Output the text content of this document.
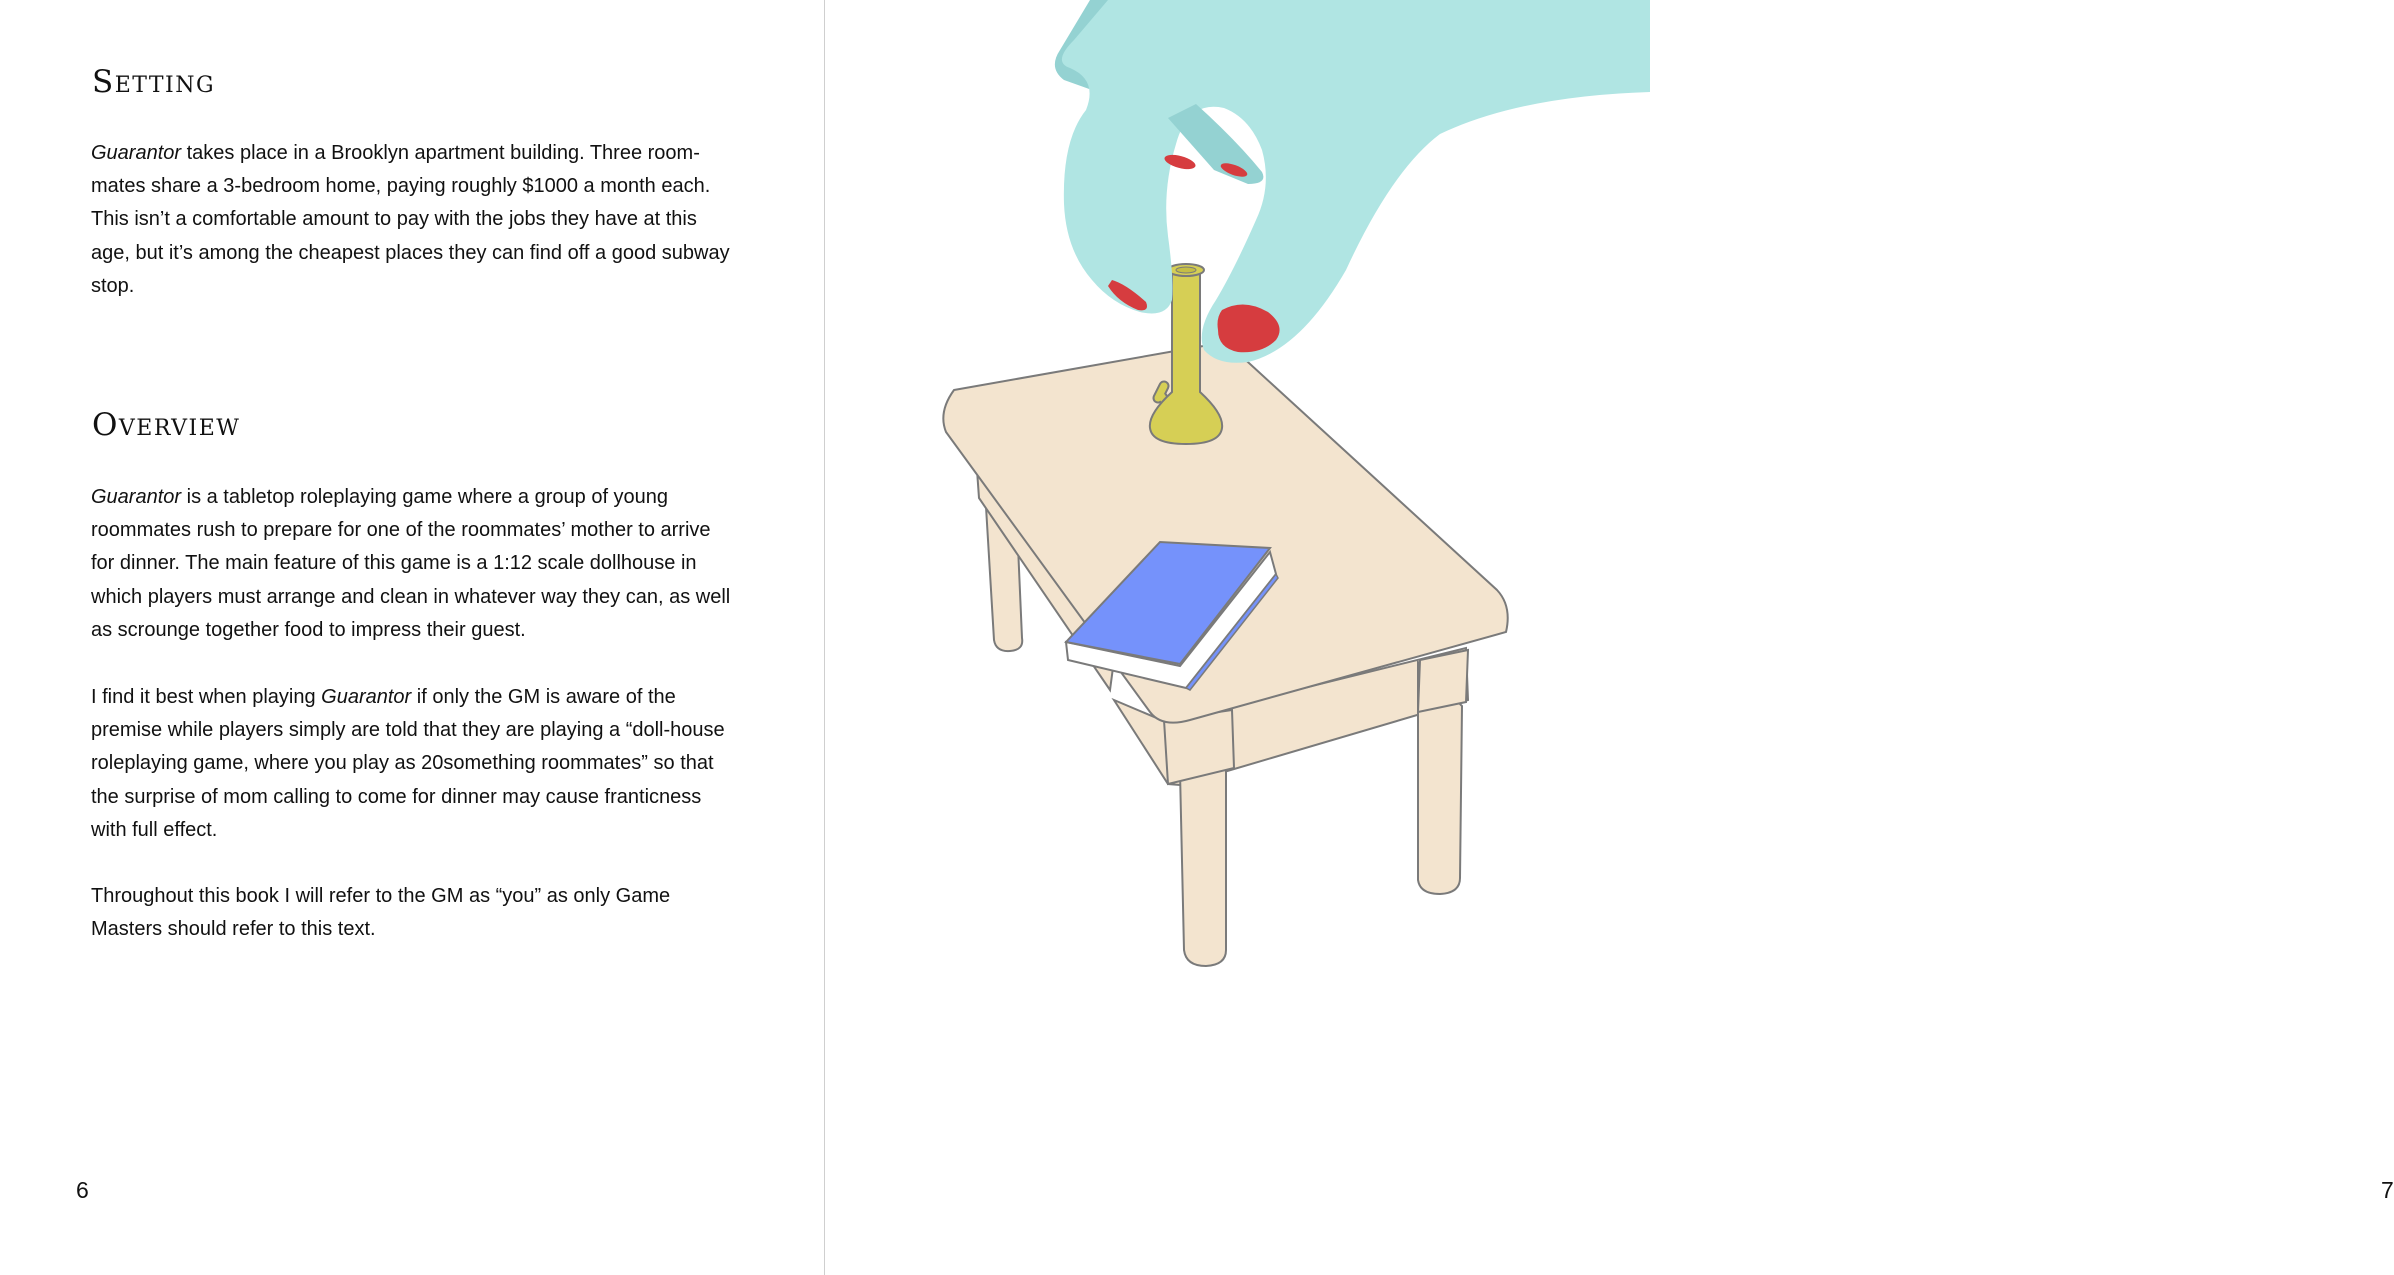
Setting

Guarantor takes place in a Brooklyn apartment building. Three room-mates share a 3-bedroom home, paying roughly $1000 a month each. This isn’t a comfortable amount to pay with the jobs they have at this age, but it’s among the cheapest places they can find off a good subway stop.

Overview

Guarantor is a tabletop roleplaying game where a group of young roommates rush to prepare for one of the roommates’ mother to arrive for dinner. The main feature of this game is a 1:12 scale dollhouse in which players must arrange and clean in whatever way they can, as well as scrounge together food to impress their guest.

I find it best when playing Guarantor if only the GM is aware of the premise while players simply are told that they are playing a “doll-house roleplaying game, where you play as 20something roommates” so that the surprise of mom calling to come for dinner may cause franticness with full effect.

Throughout this book I will refer to the GM as “you” as only Game Masters should refer to this text.

6	7
